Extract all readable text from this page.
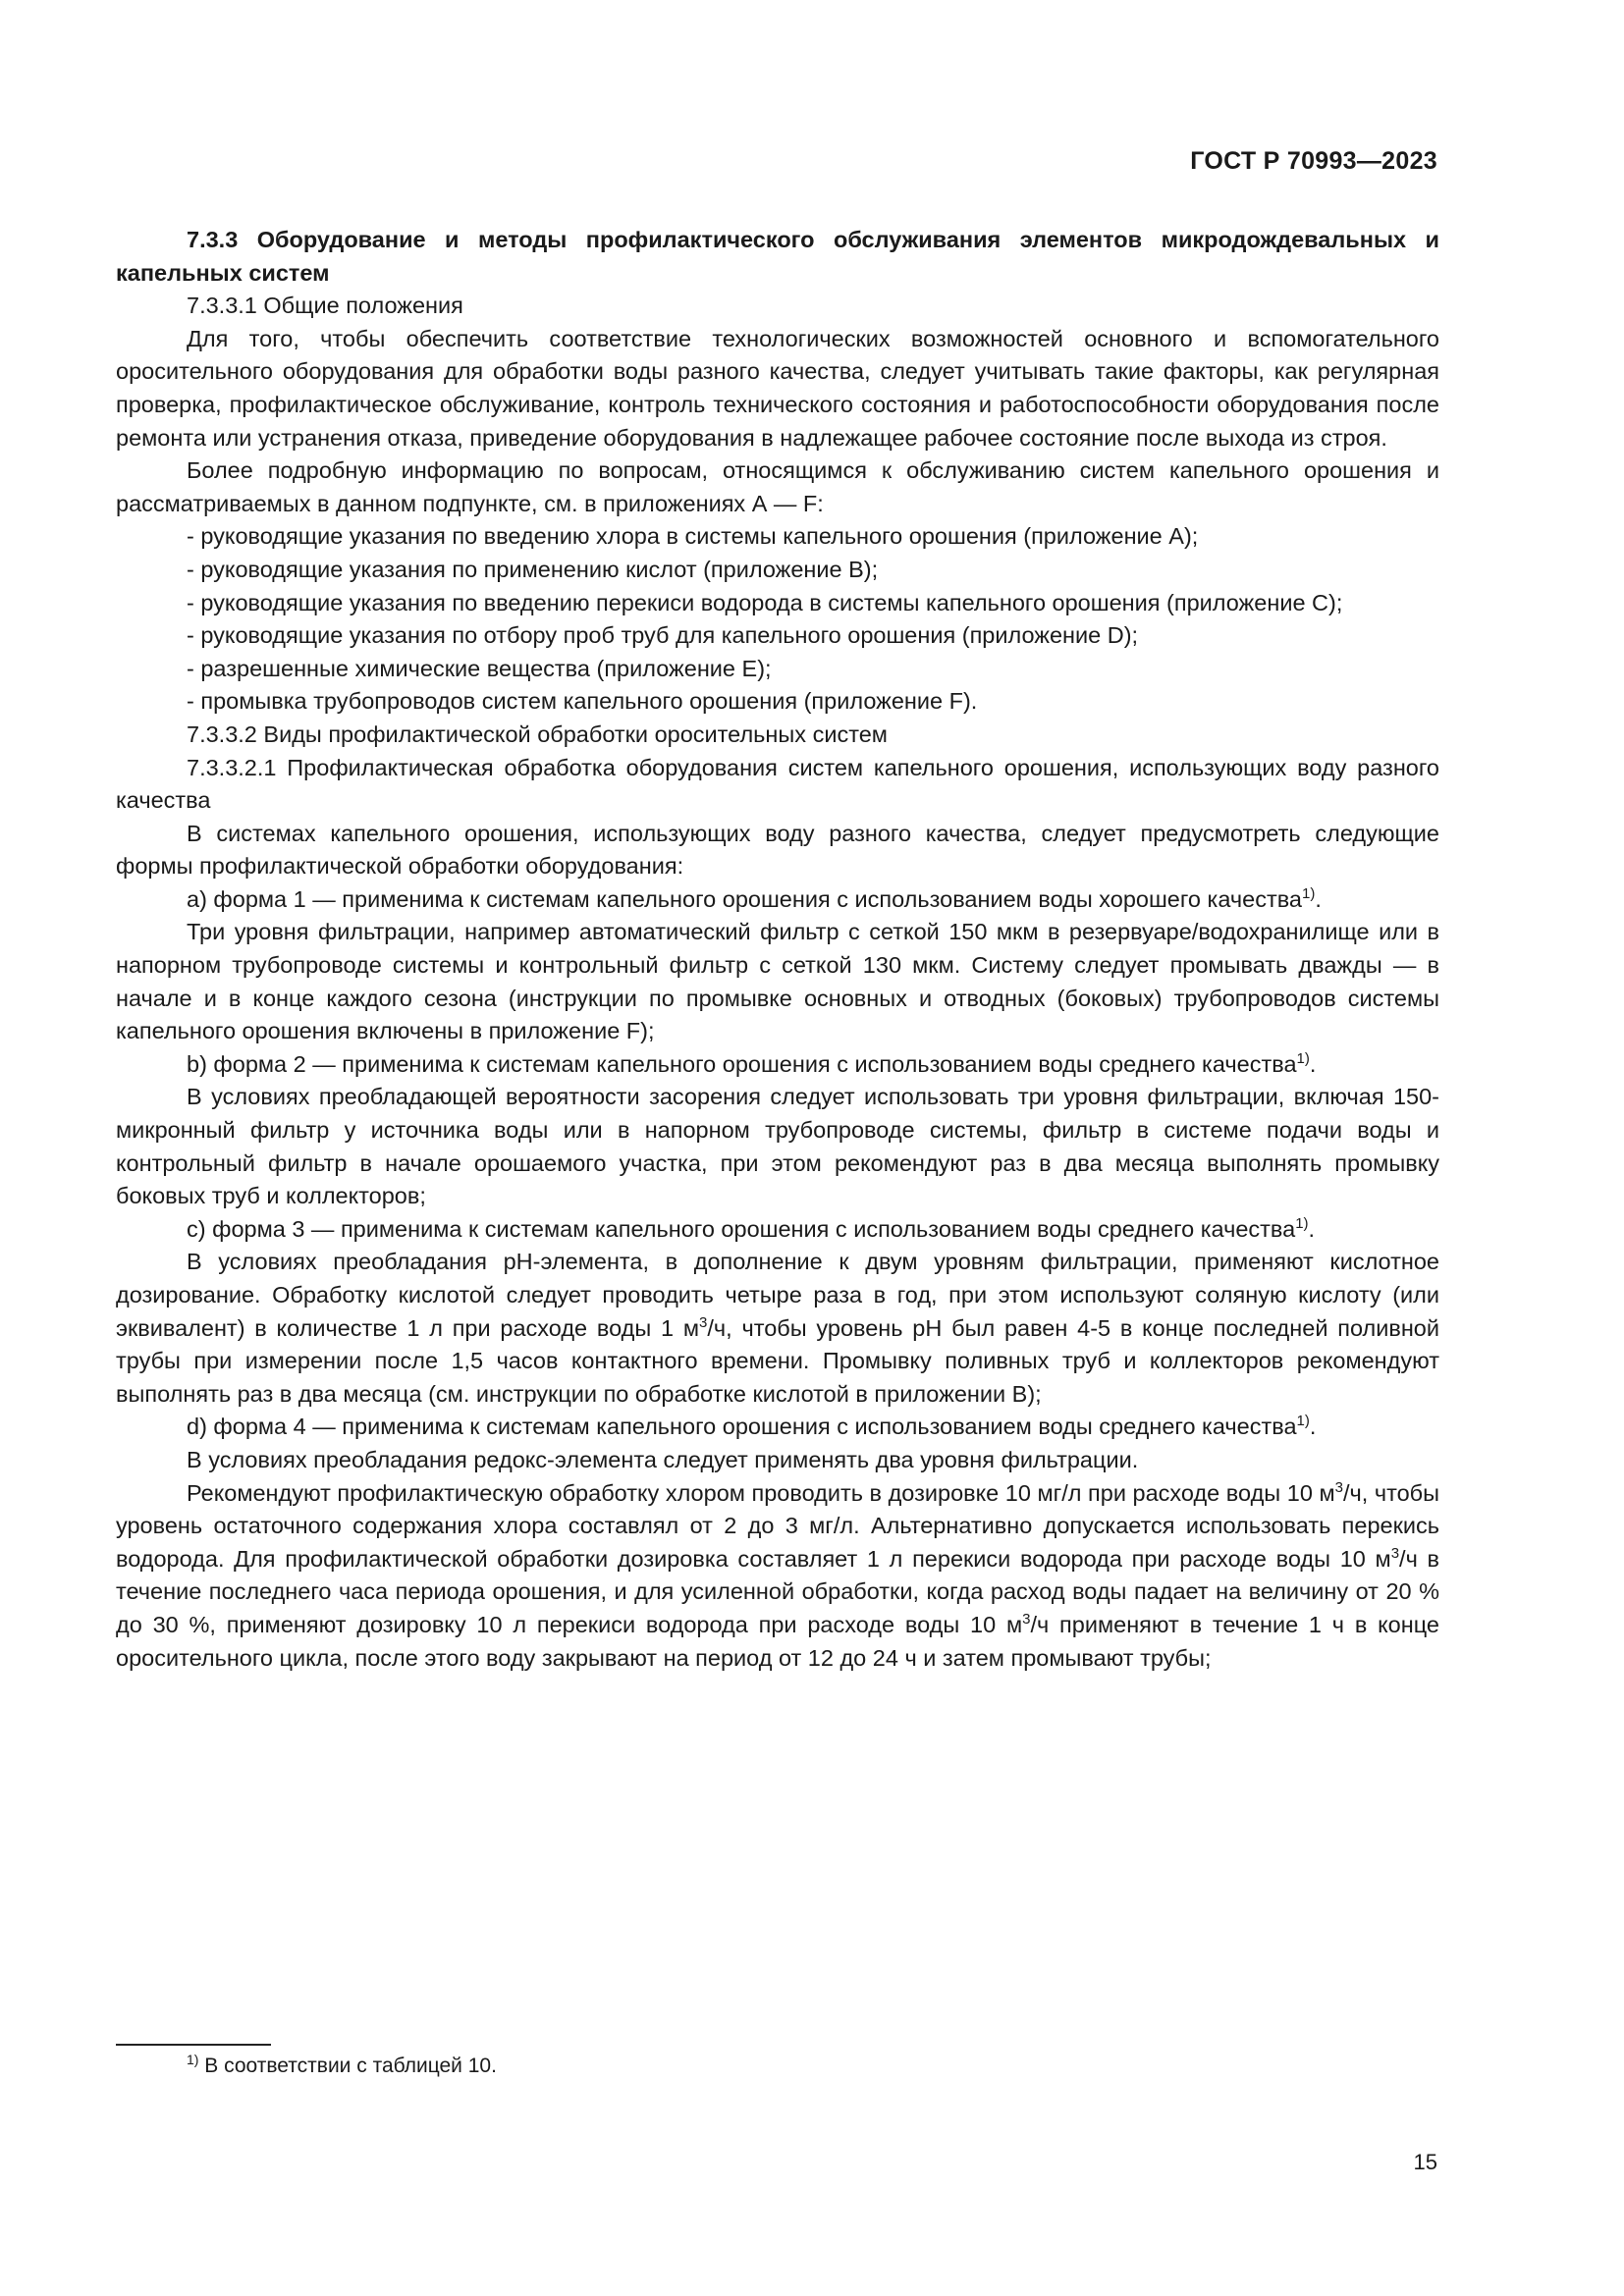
ГОСТ Р 70993—2023

7.3.3 Оборудование и методы профилактического обслуживания элементов микродождевальных и капельных систем

7.3.3.1 Общие положения

Для того, чтобы обеспечить соответствие технологических возможностей основного и вспомогательного оросительного оборудования для обработки воды разного качества, следует учитывать такие факторы, как регулярная проверка, профилактическое обслуживание, контроль технического состояния и работоспособности оборудования после ремонта или устранения отказа, приведение оборудования в надлежащее рабочее состояние после выхода из строя.

Более подробную информацию по вопросам, относящимся к обслуживанию систем капельного орошения и рассматриваемых в данном подпункте, см. в приложениях А — F:

- руководящие указания по введению хлора в системы капельного орошения (приложение А);

- руководящие указания по применению кислот (приложение В);

- руководящие указания по введению перекиси водорода в системы капельного орошения (приложение С);

- руководящие указания по отбору проб труб для капельного орошения (приложение D);

- разрешенные химические вещества (приложение Е);

- промывка трубопроводов систем капельного орошения (приложение F).

7.3.3.2 Виды профилактической обработки оросительных систем

7.3.3.2.1 Профилактическая обработка оборудования систем капельного орошения, использующих воду разного качества

В системах капельного орошения, использующих воду разного качества, следует предусмотреть следующие формы профилактической обработки оборудования:

а) форма 1 — применима к системам капельного орошения с использованием воды хорошего качества$^{1)}$.

Три уровня фильтрации, например автоматический фильтр с сеткой 150 мкм в резервуаре/водохранилище или в напорном трубопроводе системы и контрольный фильтр с сеткой 130 мкм. Систему следует промывать дважды — в начале и в конце каждого сезона (инструкции по промывке основных и отводных (боковых) трубопроводов системы капельного орошения включены в приложение F);

b) форма 2 — применима к системам капельного орошения с использованием воды среднего качества$^{1)}$.

В условиях преобладающей вероятности засорения следует использовать три уровня фильтрации, включая 150-микронный фильтр у источника воды или в напорном трубопроводе системы, фильтр в системе подачи воды и контрольный фильтр в начале орошаемого участка, при этом рекомендуют раз в два месяца выполнять промывку боковых труб и коллекторов;

с) форма 3 — применима к системам капельного орошения с использованием воды среднего качества$^{1)}$.

В условиях преобладания pH-элемента, в дополнение к двум уровням фильтрации, применяют кислотное дозирование. Обработку кислотой следует проводить четыре раза в год, при этом используют соляную кислоту (или эквивалент) в количестве 1 л при расходе воды 1 $м^3/ч$, чтобы уровень pH был равен 4-5 в конце последней поливной трубы при измерении после 1,5 часов контактного времени. Промывку поливных труб и коллекторов рекомендуют выполнять раз в два месяца (см. инструкции по обработке кислотой в приложении В);

d) форма 4 — применима к системам капельного орошения с использованием воды среднего качества$^{1)}$.

В условиях преобладания редокс-элемента следует применять два уровня фильтрации.

Рекомендуют профилактическую обработку хлором проводить в дозировке 10 мг/л при расходе воды 10 $м^3/ч$, чтобы уровень остаточного содержания хлора составлял от 2 до 3 мг/л. Альтернативно допускается использовать перекись водорода. Для профилактической обработки дозировка составляет 1 л перекиси водорода при расходе воды 10 $м^3/ч$ в течение последнего часа периода орошения, и для усиленной обработки, когда расход воды падает на величину от 20 % до 30 %, применяют дозировку 10 л перекиси водорода при расходе воды 10 $м^3/ч$ применяют в течение 1 ч в конце оросительного цикла, после этого воду закрывают на период от 12 до 24 ч и затем промывают трубы;

$^{1)}$ В соответствии с таблицей 10.
15
